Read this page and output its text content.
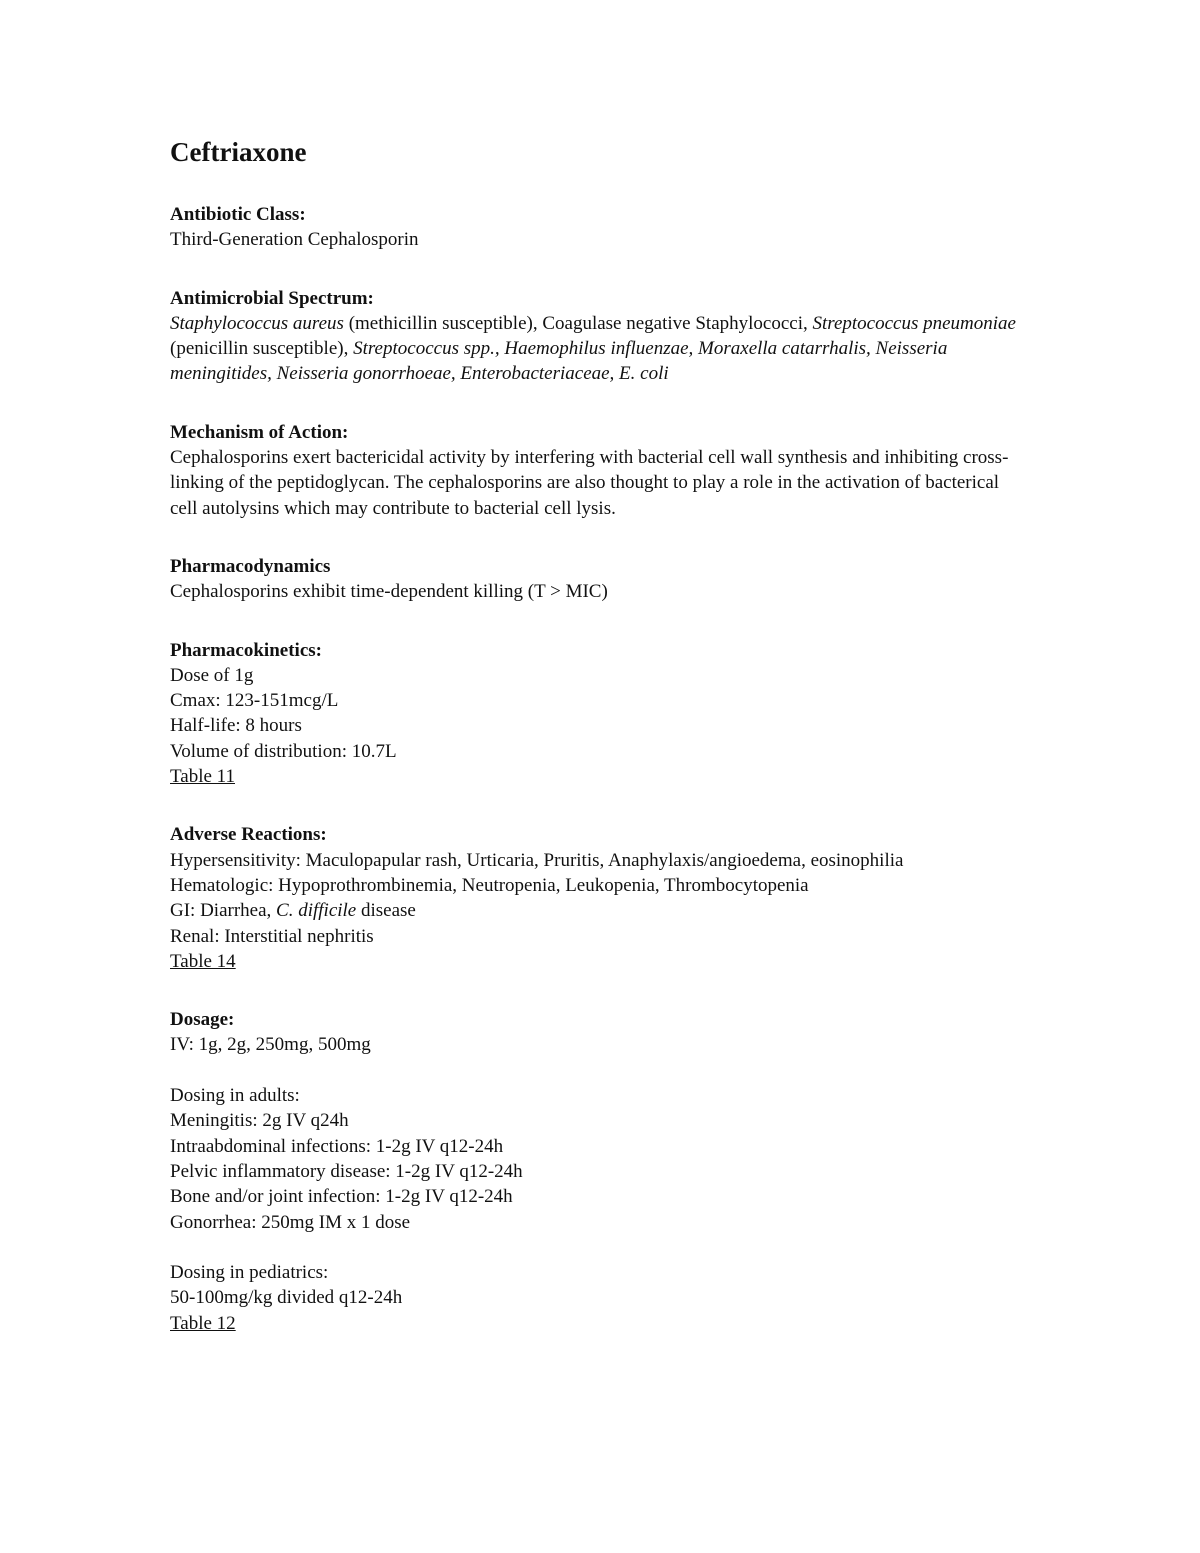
Ceftriaxone

Antibiotic Class:

Third-Generation Cephalosporin

Antimicrobial Spectrum:

Staphylococcus aureus (methicillin susceptible), Coagulase negative Staphylococci, Streptococcus pneumoniae (penicillin susceptible), Streptococcus spp., Haemophilus influenzae, Moraxella catarrhalis, Neisseria meningitides, Neisseria gonorrhoeae, Enterobacteriaceae, E. coli

Mechanism of Action:

Cephalosporins exert bactericidal activity by interfering with bacterial cell wall synthesis and inhibiting cross-linking of the peptidoglycan. The cephalosporins are also thought to play a role in the activation of bacterical cell autolysins which may contribute to bacterial cell lysis.

Pharmacodynamics

Cephalosporins exhibit time-dependent killing (T > MIC)

Pharmacokinetics:

Dose of 1g

Cmax: 123-151mcg/L

Half-life: 8 hours

Volume of distribution: 10.7L

Table 11

Adverse Reactions:

Hypersensitivity: Maculopapular rash, Urticaria, Pruritis, Anaphylaxis/angioedema, eosinophilia

Hematologic: Hypoprothrombinemia, Neutropenia, Leukopenia, Thrombocytopenia

GI: Diarrhea, C. difficile disease

Renal: Interstitial nephritis

Table 14

Dosage:

IV: 1g, 2g, 250mg, 500mg

Dosing in adults:

Meningitis: 2g IV q24h

Intraabdominal infections: 1-2g IV q12-24h

Pelvic inflammatory disease: 1-2g IV q12-24h

Bone and/or joint infection: 1-2g IV q12-24h

Gonorrhea: 250mg IM x 1 dose

Dosing in pediatrics:

50-100mg/kg divided q12-24h

Table 12
